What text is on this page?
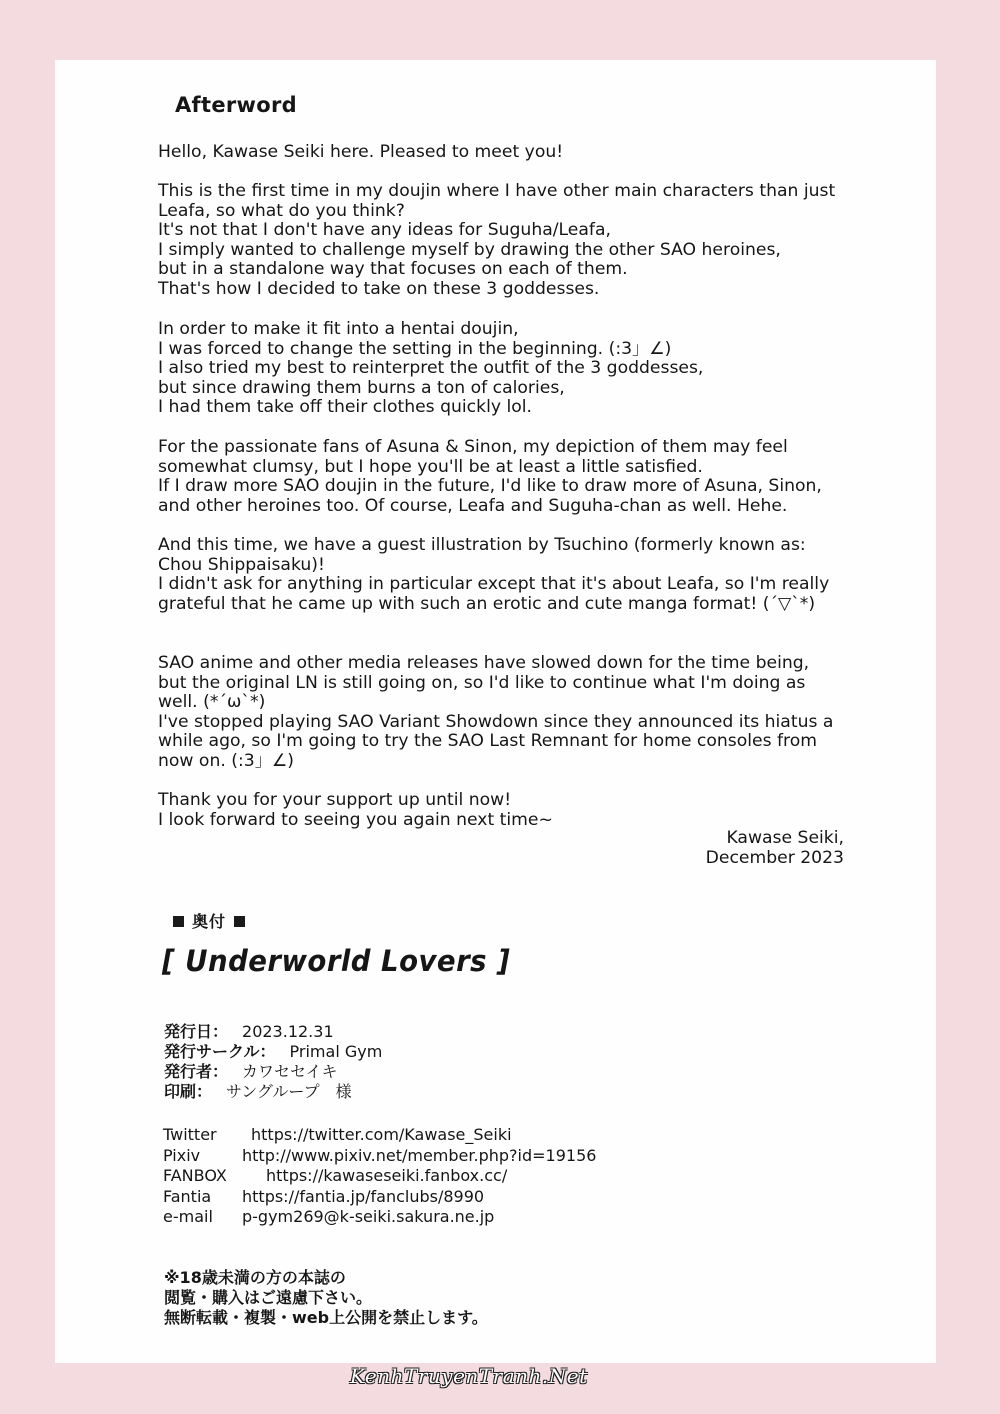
Afterword

Hello, Kawase Seiki here. Pleased to meet you!

This is the first time in my doujin where I have other main characters than just
Leafa, so what do you think?
It's not that I don't have any ideas for Suguha/Leafa,
I simply wanted to challenge myself by drawing the other SAO heroines,
but in a standalone way that focuses on each of them.
That's how I decided to take on these 3 goddesses.

In order to make it fit into a hentai doujin,
I was forced to change the setting in the beginning. (:3」∠)
I also tried my best to reinterpret the outfit of the 3 goddesses,
but since drawing them burns a ton of calories,
I had them take off their clothes quickly lol.

For the passionate fans of Asuna & Sinon, my depiction of them may feel
somewhat clumsy, but I hope you'll be at least a little satisfied.
If I draw more SAO doujin in the future, I'd like to draw more of Asuna, Sinon,
and other heroines too. Of course, Leafa and Suguha-chan as well. Hehe.

And this time, we have a guest illustration by Tsuchino (formerly known as:
Chou Shippaisaku)!
I didn't ask for anything in particular except that it's about Leafa, so I'm really
grateful that he came up with such an erotic and cute manga format! (´▽`*)

SAO anime and other media releases have slowed down for the time being,
but the original LN is still going on, so I'd like to continue what I'm doing as
well. (*´ω`*)
I've stopped playing SAO Variant Showdown since they announced its hiatus a
while ago, so I'm going to try the SAO Last Remnant for home consoles from
now on. (:3」∠)

Thank you for your support up until now!
I look forward to seeing you again next time~

Kawase Seiki,
December 2023
奥付
[ Underworld Lovers ]
発行日： 2023.12.31
発行サークル： Primal Gym
発行者： カワセセイキ
印刷： サングループ　様
Twitter	https://twitter.com/Kawase_Seiki
Pixiv	http://www.pixiv.net/member.php?id=19156
FANBOX	https://kawaseseiki.fanbox.cc/
Fantia	https://fantia.jp/fanclubs/8990
e-mail	p-gym269@k-seiki.sakura.ne.jp
※18歳未満の方の本誌の
閲覧・購入はご遠慮下さい。
無断転載・複製・web上公開を禁止します。
KenhTruyenTranh.Net
